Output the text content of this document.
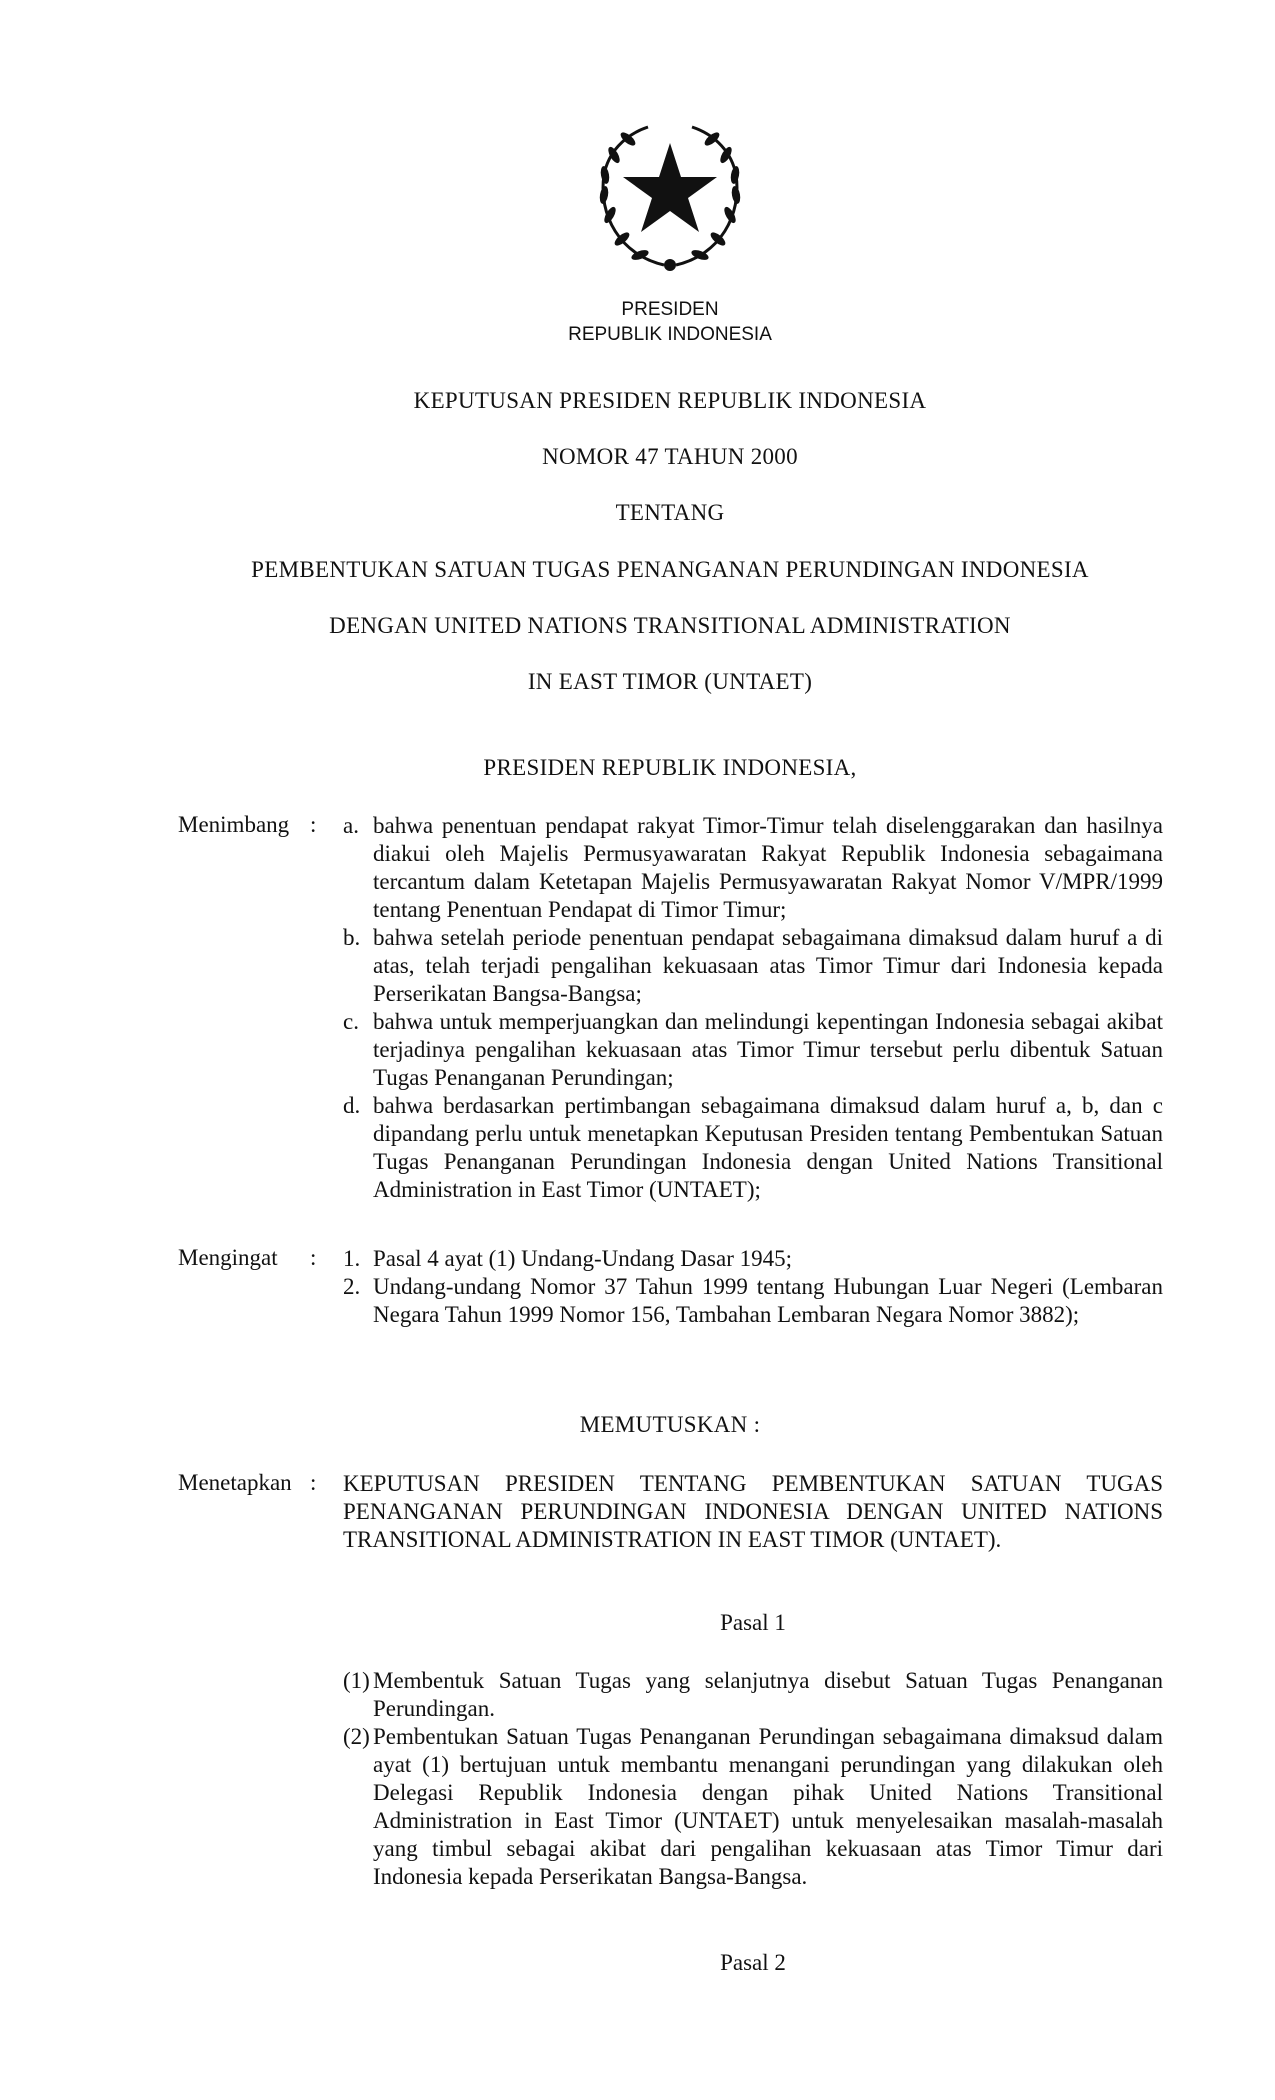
PRESIDEN
REPUBLIK INDONESIA
KEPUTUSAN PRESIDEN REPUBLIK INDONESIA
NOMOR 47 TAHUN 2000
TENTANG
PEMBENTUKAN SATUAN TUGAS PENANGANAN PERUNDINGAN INDONESIA
DENGAN UNITED NATIONS TRANSITIONAL ADMINISTRATION
IN EAST TIMOR (UNTAET)
PRESIDEN REPUBLIK INDONESIA,
Menimbang : a. bahwa penentuan pendapat rakyat Timor-Timur telah diselenggarakan dan hasilnya diakui oleh Majelis Permusyawaratan Rakyat Republik Indonesia sebagaimana tercantum dalam Ketetapan Majelis Permusyawaratan Rakyat Nomor V/MPR/1999 tentang Penentuan Pendapat di Timor Timur;
b. bahwa setelah periode penentuan pendapat sebagaimana dimaksud dalam huruf a di atas, telah terjadi pengalihan kekuasaan atas Timor Timur dari Indonesia kepada Perserikatan Bangsa-Bangsa;
c. bahwa untuk memperjuangkan dan melindungi kepentingan Indonesia sebagai akibat terjadinya pengalihan kekuasaan atas Timor Timur tersebut perlu dibentuk Satuan Tugas Penanganan Perundingan;
d. bahwa berdasarkan pertimbangan sebagaimana dimaksud dalam huruf a, b, dan c dipandang perlu untuk menetapkan Keputusan Presiden tentang Pembentukan Satuan Tugas Penanganan Perundingan Indonesia dengan United Nations Transitional Administration in East Timor (UNTAET);
Mengingat : 1. Pasal 4 ayat (1) Undang-Undang Dasar 1945;
2. Undang-undang Nomor 37 Tahun 1999 tentang Hubungan Luar Negeri (Lembaran Negara Tahun 1999 Nomor 156, Tambahan Lembaran Negara Nomor 3882);
MEMUTUSKAN :
Menetapkan : KEPUTUSAN PRESIDEN TENTANG PEMBENTUKAN SATUAN TUGAS PENANGANAN PERUNDINGAN INDONESIA DENGAN UNITED NATIONS TRANSITIONAL ADMINISTRATION IN EAST TIMOR (UNTAET).
Pasal 1
(1) Membentuk Satuan Tugas yang selanjutnya disebut Satuan Tugas Penanganan Perundingan.
(2) Pembentukan Satuan Tugas Penanganan Perundingan sebagaimana dimaksud dalam ayat (1) bertujuan untuk membantu menangani perundingan yang dilakukan oleh Delegasi Republik Indonesia dengan pihak United Nations Transitional Administration in East Timor (UNTAET) untuk menyelesaikan masalah-masalah yang timbul sebagai akibat dari pengalihan kekuasaan atas Timor Timur dari Indonesia kepada Perserikatan Bangsa-Bangsa.
Pasal 2
